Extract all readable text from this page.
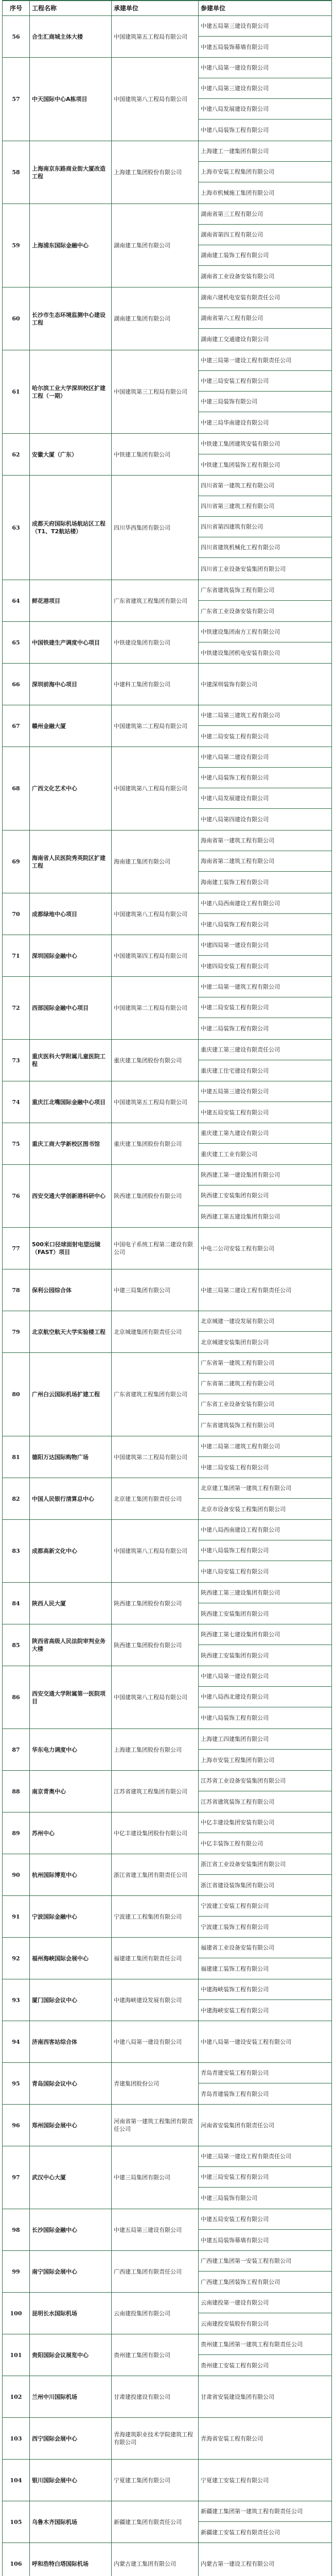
序号	工程名称	承建单位	参建单位
56	合生汇商城主体大楼	中国建筑第五工程局有限公司	中建五局第三建设有限公司
			中建五局装饰幕墙有限公司
57	中天国际中心A栋项目	中国建筑第八工程局有限公司	中建八局第一建设有限公司
			中建八局第三建设有限公司
			中建八局发展建设有限公司
			中建八局装饰工程有限公司
58	上海南京东路商业街大厦改造工程	上海建工集团股份有限公司	上海建工一建集团有限公司
			上海市安装工程集团有限公司
			上海市机械施工集团有限公司
59	上海浦东国际金融中心	湖南建工集团有限公司	湖南省第三工程有限公司
			湖南省第四工程有限公司
			湖南建工装饰工程有限公司
			湖南省工业设备安装有限公司
60	长沙市生态环境监测中心建设工程	湖南建工集团有限公司	湖南六建机电安装有限责任公司
			湖南省第六工程有限公司
			湖南建工交通建设有限公司
61	哈尔滨工业大学深圳校区扩建工程（一期）	中国建筑第三工程局有限公司	中建三局第一建设工程有限责任公司
			中建三局安装工程有限公司
			中建三局装饰有限公司
			中建三局华南建设有限公司
62	安徽大厦（广东）	中铁建工集团有限公司	中铁建工集团建筑安装有限公司
			中铁建工集团装饰工程有限公司
63	成都天府国际机场航站区工程（T1、T2航站楼）	四川华西集团有限公司	四川省第一建筑工程有限公司
			四川省第三建筑工程有限公司
			四川省第四建筑有限公司
			四川省建筑机械化工程有限公司
			四川省工业设备安装集团有限公司
64	鲜花港项目	广东省建筑工程集团有限公司	广东省建筑装饰工程有限公司
			广东省工业设备安装有限公司
65	中国铁建生产调度中心项目	中铁建设集团有限公司	中铁建设集团南方工程有限公司
			中铁建设集团机电安装有限公司
66	深圳前海中心项目	中建科工集团有限公司	中建深圳装饰有限公司
67	赣州金融大厦	中国建筑第二工程局有限公司	中建二局第三建筑工程有限公司
			中建二局安装工程有限公司
68	广西文化艺术中心	中国建筑第八工程局有限公司	中建八局第二建设有限公司
			中建八局装饰工程有限公司
			中建八局发展建设有限公司
			中建八局第四建设有限公司
69	海南省人民医院秀英院区扩建工程	海南建工集团有限公司	海南省第一建筑工程有限公司
			海南省第二建筑工程有限公司
			海南建工装饰工程有限公司
70	成都绿地中心项目	中国建筑第八工程局有限公司	中建八局西南建设工程有限公司
			中建八局装饰工程有限公司
71	深圳国际金融中心	中国建筑第四工程局有限公司	中建四局第一建设有限公司
			中建四局安装工程有限公司
72	西部国际金融中心项目	中国建筑第二工程局有限公司	中建二局第一建筑工程有限公司
			中建二局安装工程有限公司
			中建二局装饰工程有限公司
73	重庆医科大学附属儿童医院工程	重庆建工集团股份有限公司	重庆建工第三建设有限责任公司
			重庆建工住宅建设有限公司
74	重庆江北嘴国际金融中心项目	中国建筑第五工程局有限公司	中建五局第三建设有限公司
			中建五局安装工程有限公司
75	重庆工商大学新校区图书馆	重庆建工集团股份有限公司	重庆建工第九建设有限公司
			重庆建工工业有限公司
76	西安交通大学创新港科研中心	陕西建工集团股份有限公司	陕西建工第一建设集团有限公司
			陕西建工安装集团有限公司
			陕西建工第五建设集团有限公司
77	500米口径球面射电望远镜（FAST）项目	中国电子系统工程第二建设有限公司	中电二公司安装工程有限公司
78	保利公园综合体	中建三局集团有限公司	中建三局第二建设工程有限责任公司
79	北京航空航天大学实验楼工程	北京城建集团有限责任公司	北京城建一建设发展有限公司
			北京城建安装集团有限公司
80	广州白云国际机场扩建工程	广东省建筑工程集团有限公司	广东省第一建筑工程有限公司
			广东省第二建筑工程有限公司
			广东省工业设备安装有限公司
			广东省建筑装饰工程有限公司
81	德阳万达国际购物广场	中国建筑第二工程局有限公司	中建二局第二建筑工程有限公司
			中建二局安装工程有限公司
82	中国人民银行清算总中心	北京建工集团有限责任公司	北京建工集团第一建筑工程有限公司
			北京市设备安装工程集团有限公司
83	成都高新文化中心	中国建筑第八工程局有限公司	中建八局西南建设工程有限公司
			中建八局装饰工程有限公司
			中建八局安装工程有限公司
84	陕西人民大厦	陕西建工集团股份有限公司	陕西建工第三建设集团有限公司
			陕西建工安装集团有限公司
85	陕西省高级人民法院审判业务大楼	陕西建工集团股份有限公司	陕西建工第七建设集团有限公司
			陕西建工安装集团有限公司
86	西安交通大学附属第一医院项目	中国建筑第八工程局有限公司	中建八局第一建设有限公司
			中建八局西北建设有限公司
			中建八局装饰工程有限公司
87	华东电力调度中心	上海建工集团股份有限公司	上海建工四建集团有限公司
			上海市安装工程集团有限公司
88	南京青奥中心	江苏省建筑工程集团有限公司	江苏省工业设备安装集团有限公司
			江苏省建筑装饰工程有限公司
89	苏州中心	中亿丰建设集团股份有限公司	中亿丰建设集团安装有限公司
			中亿丰装饰工程有限公司
90	杭州国际博览中心	浙江省建工集团有限责任公司	浙江省工业设备安装集团有限公司
			浙江省建设装饰集团有限公司
91	宁波国际金融中心	宁波建工工程集团有限公司	宁波建工安装工程有限公司
			宁波建工装饰工程有限公司
92	福州海峡国际会展中心	福建建工集团有限责任公司	福建省工业设备安装有限公司
			福建建工装饰工程有限公司
93	厦门国际会议中心	中建海峡建设发展有限公司	中建海峡装饰工程有限公司
			中建海峡安装工程有限公司
94	济南西客站综合体	中建八局第一建设有限公司	中建八局第一建设安装工程有限公司
95	青岛国际会议中心	青建集团股份公司	青岛青建安装工程有限公司
			青岛青建装饰工程有限公司
96	郑州国际会展中心	河南省第一建筑工程集团有限责任公司	河南省安装集团有限责任公司
97	武汉中心大厦	中建三局集团有限公司	中建三局第一建设工程有限责任公司
			中建三局安装工程有限公司
			中建三局装饰有限公司
98	长沙国际金融中心	中建五局第三建设有限公司	中建五局安装工程有限公司
			中建五局装饰幕墙有限公司
99	南宁国际会展中心	广西建工集团有限责任公司	广西建工集团第一安装工程有限公司
			广西建工集团装饰工程有限公司
100	昆明长水国际机场	云南建投集团有限公司	云南建投第一建设有限公司
			云南建投安装股份有限公司
101	贵阳国际会议展览中心	贵州建工集团有限公司	贵州建工集团第一建筑工程有限责任公司
			贵州建工安装工程有限公司
102	兰州中川国际机场	甘肃建投建设有限公司	甘肃省安装建设集团有限公司
103	西宁国际会展中心	青海建筑职业技术学院建筑工程有限公司	青海省安装工程有限公司
104	银川国际会展中心	宁夏建工集团有限公司	宁夏建工安装工程有限公司
105	乌鲁木齐国际机场	新疆建工集团有限责任公司	新疆建工集团第一建筑工程有限责任公司
			新疆建工安装工程有限责任公司
106	呼和浩特白塔国际机场	内蒙古建工集团有限公司	内蒙古第一建设工程有限公司
